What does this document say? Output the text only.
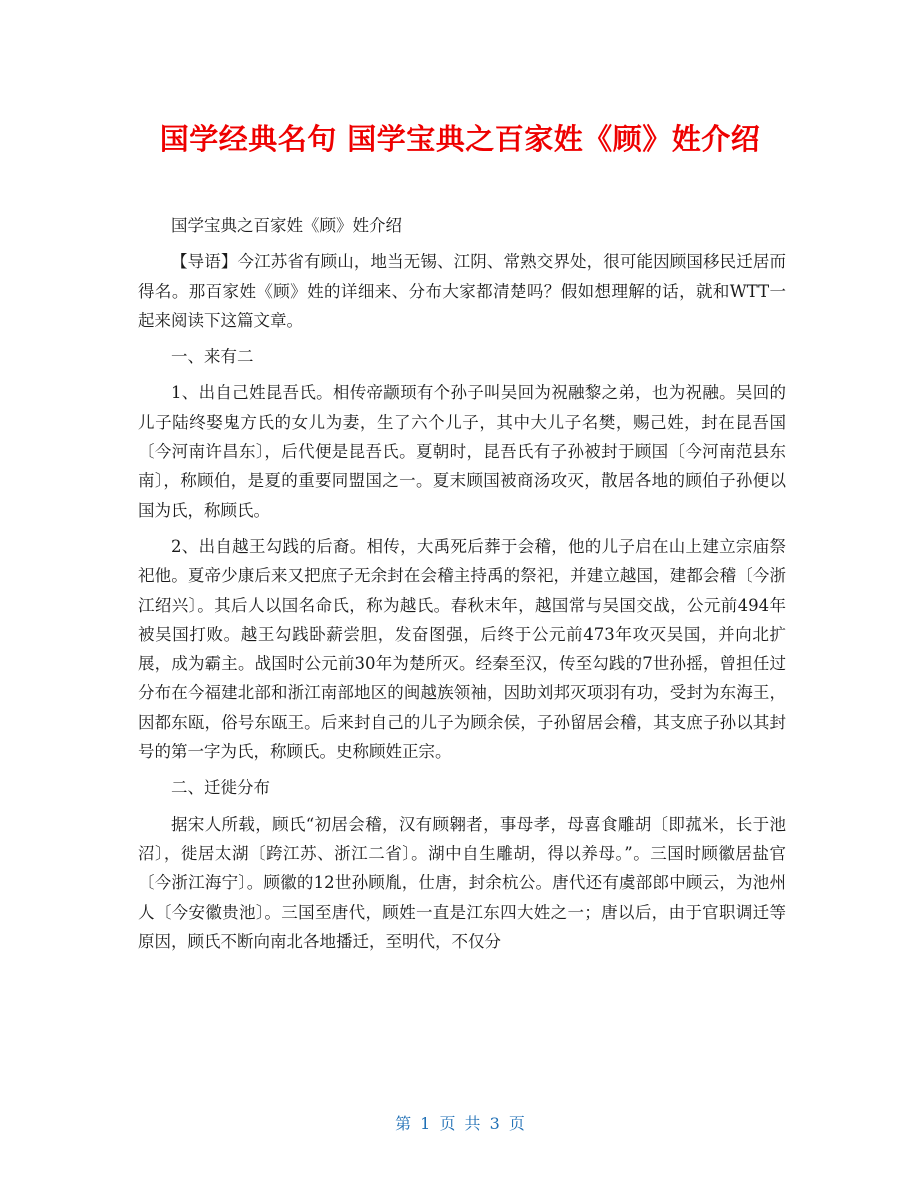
国学经典名句 国学宝典之百家姓《顾》姓介绍

国学宝典之百家姓《顾》姓介绍

【导语】今江苏省有顾山，地当无锡、江阴、常熟交界处，很可能因顾国移民迁居而得名。那百家姓《顾》姓的详细来、分布大家都清楚吗？假如想理解的话，就和WTT一起来阅读下这篇文章。

一、来有二

1、出自己姓昆吾氏。相传帝颛顼有个孙子叫吴回为祝融黎之弟，也为祝融。吴回的儿子陆终娶鬼方氏的女儿为妻，生了六个儿子，其中大儿子名樊，赐己姓，封在昆吾国〔今河南许昌东〕，后代便是昆吾氏。夏朝时，昆吾氏有子孙被封于顾国〔今河南范县东南〕，称顾伯，是夏的重要同盟国之一。夏末顾国被商汤攻灭，散居各地的顾伯子孙便以国为氏，称顾氏。

2、出自越王勾践的后裔。相传，大禹死后葬于会稽，他的儿子启在山上建立宗庙祭祀他。夏帝少康后来又把庶子无余封在会稽主持禹的祭祀，并建立越国，建都会稽〔今浙江绍兴〕。其后人以国名命氏，称为越氏。春秋末年，越国常与吴国交战，公元前494年被吴国打败。越王勾践卧薪尝胆，发奋图强，后终于公元前473年攻灭吴国，并向北扩展，成为霸主。战国时公元前30年为楚所灭。经秦至汉，传至勾践的7世孙摇，曾担任过分布在今福建北部和浙江南部地区的闽越族领袖，因助刘邦灭项羽有功，受封为东海王，因都东瓯，俗号东瓯王。后来封自己的儿子为顾余侯，子孙留居会稽，其支庶子孙以其封号的第一字为氏，称顾氏。史称顾姓正宗。

二、迁徙分布

据宋人所载，顾氏“初居会稽，汉有顾翱者，事母孝，母喜食雕胡〔即菰米，长于池沼〕，徙居太湖〔跨江苏、浙江二省〕。湖中自生雕胡，得以养母。”。三国时顾徽居盐官〔今浙江海宁〕。顾徽的12世孙顾胤，仕唐，封余杭公。唐代还有虞部郎中顾云，为池州人〔今安徽贵池〕。三国至唐代，顾姓一直是江东四大姓之一；唐以后，由于官职调迁等原因，顾氏不断向南北各地播迁，至明代，不仅分

第 1 页 共 3 页
